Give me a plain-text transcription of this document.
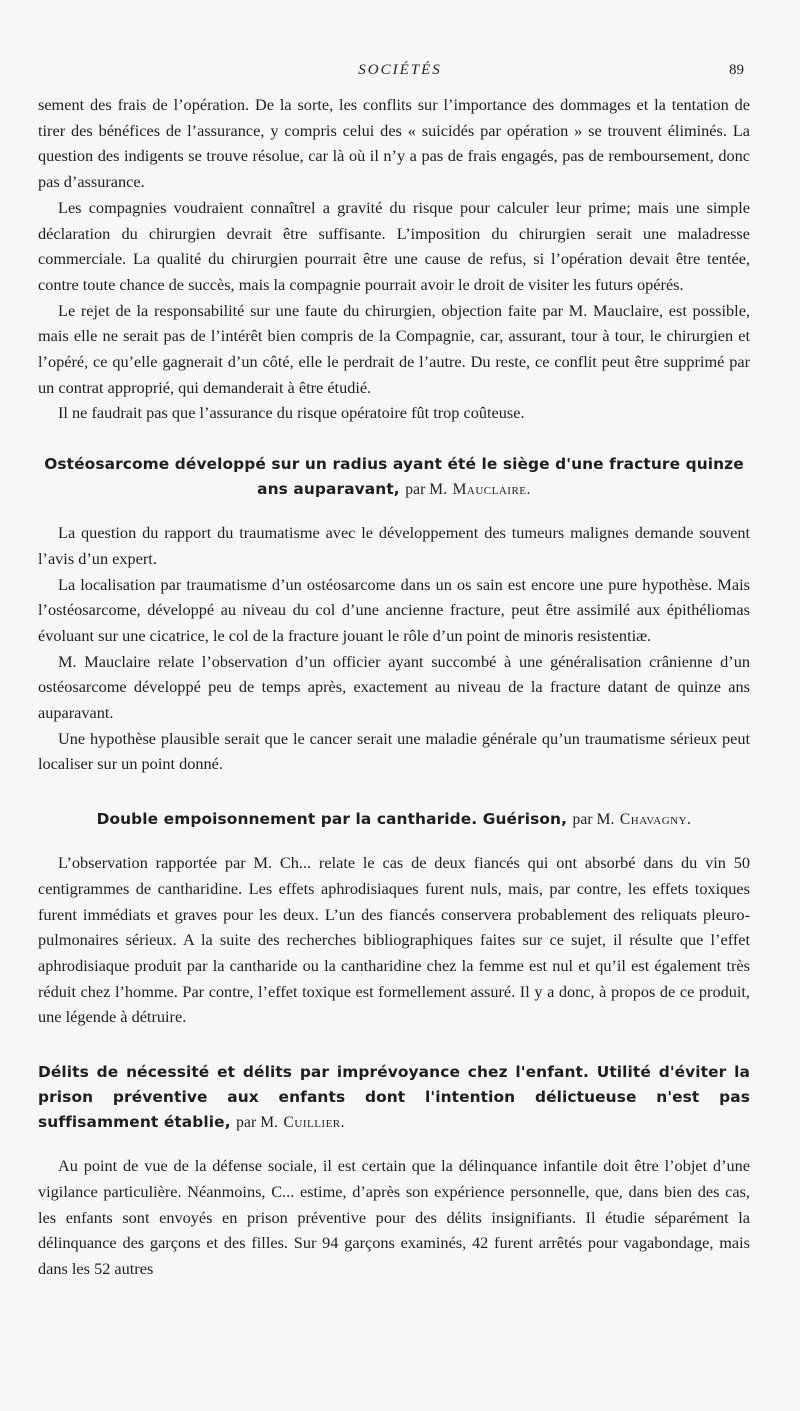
SOCIÉTÉS	89

sement des frais de l’opération. De la sorte, les conflits sur l’importance des dommages et la tentation de tirer des bénéfices de l’assurance, y compris celui des « suicidés par opération » se trouvent éliminés. La question des indigents se trouve résolue, car là où il n’y a pas de frais engagés, pas de remboursement, donc pas d’assurance.

Les compagnies voudraient connaîtrel a gravité du risque pour calculer leur prime; mais une simple déclaration du chirurgien devrait être suffisante. L’imposition du chirurgien serait une maladresse commerciale. La qualité du chirurgien pourrait être une cause de refus, si l’opération devait être tentée, contre toute chance de succès, mais la compagnie pourrait avoir le droit de visiter les futurs opérés.

Le rejet de la responsabilité sur une faute du chirurgien, objection faite par M. Mauclaire, est possible, mais elle ne serait pas de l’intérêt bien compris de la Compagnie, car, assurant, tour à tour, le chirurgien et l’opéré, ce qu’elle gagnerait d’un côté, elle le perdrait de l’autre. Du reste, ce conflit peut être supprimé par un contrat approprié, qui demanderait à être étudié.

Il ne faudrait pas que l’assurance du risque opératoire fût trop coûteuse.

Ostéosarcome développé sur un radius ayant été le siège d'une fracture quinze ans auparavant, par M. Mauclaire.

La question du rapport du traumatisme avec le développement des tumeurs malignes demande souvent l’avis d’un expert.

La localisation par traumatisme d’un ostéosarcome dans un os sain est encore une pure hypothèse. Mais l’ostéosarcome, développé au niveau du col d’une ancienne fracture, peut être assimilé aux épithéliomas évoluant sur une cicatrice, le col de la fracture jouant le rôle d’un point de minoris resistentiæ.

M. Mauclaire relate l’observation d’un officier ayant succombé à une généralisation crânienne d’un ostéosarcome développé peu de temps après, exactement au niveau de la fracture datant de quinze ans auparavant.

Une hypothèse plausible serait que le cancer serait une maladie générale qu’un traumatisme sérieux peut localiser sur un point donné.

Double empoisonnement par la cantharide. Guérison, par M. Chavagny.

L’observation rapportée par M. Ch... relate le cas de deux fiancés qui ont absorbé dans du vin 50 centigrammes de cantharidine. Les effets aphrodisiaques furent nuls, mais, par contre, les effets toxiques furent immédiats et graves pour les deux. L’un des fiancés conservera probablement des reliquats pleuro-pulmonaires sérieux. A la suite des recherches bibliographiques faites sur ce sujet, il résulte que l’effet aphrodisiaque produit par la cantharide ou la cantharidine chez la femme est nul et qu’il est également très réduit chez l’homme. Par contre, l’effet toxique est formellement assuré. Il y a donc, à propos de ce produit, une légende à détruire.

Délits de nécessité et délits par imprévoyance chez l'enfant. Utilité d'éviter la prison préventive aux enfants dont l'intention délictueuse n'est pas suffisamment établie, par M. Cuillier.

Au point de vue de la défense sociale, il est certain que la délinquance infantile doit être l’objet d’une vigilance particulière. Néanmoins, C... estime, d’après son expérience personnelle, que, dans bien des cas, les enfants sont envoyés en prison préventive pour des délits insignifiants. Il étudie séparément la délinquance des garçons et des filles. Sur 94 garçons examinés, 42 furent arrêtés pour vagabondage, mais dans les 52 autres
